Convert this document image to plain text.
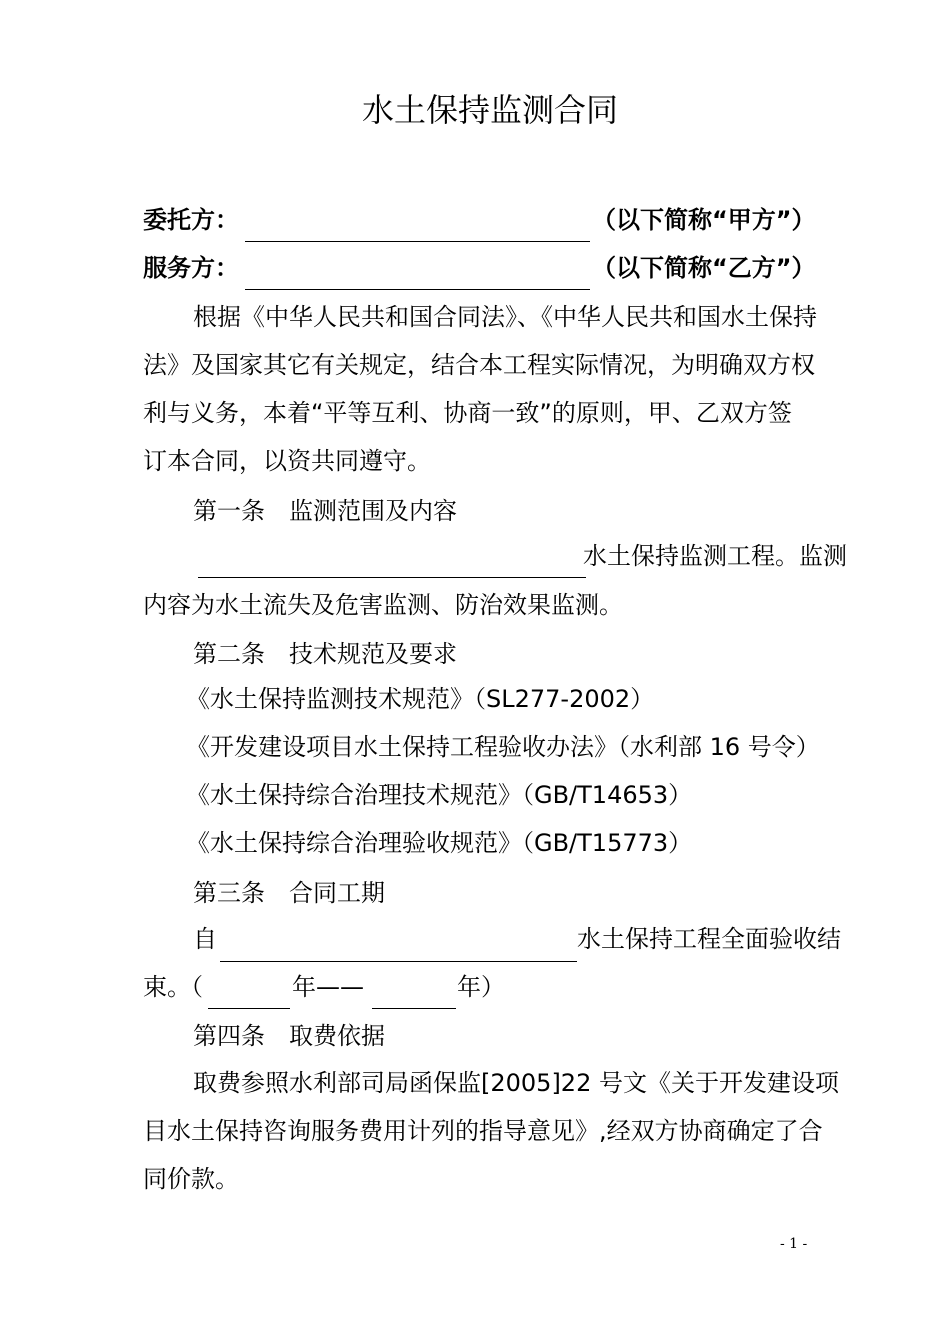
水土保持监测合同
委托方：	（以下简称“甲方”）
服务方：	（以下简称“乙方”）
根据《中华人民共和国合同法》、《中华人民共和国水土保持
法》及国家其它有关规定，结合本工程实际情况，为明确双方权
利与义务，本着“平等互利、协商一致”的原则，甲、乙双方签
订本合同，以资共同遵守。
第一条　监测范围及内容
水土保持监测工程。监测
内容为水土流失及危害监测、防治效果监测。
第二条　技术规范及要求
《水土保持监测技术规范》（SL277-2002）
《开发建设项目水土保持工程验收办法》（水利部 16 号令）
《水土保持综合治理技术规范》（GB/T14653）
《水土保持综合治理验收规范》（GB/T15773）
第三条　合同工期
自	水土保持工程全面验收结
束。（	年——	年）
第四条　取费依据
取费参照水利部司局函保监[2005]22 号文《关于开发建设项
目水土保持咨询服务费用计列的指导意见》,经双方协商确定了合
同价款。
- 1 -
